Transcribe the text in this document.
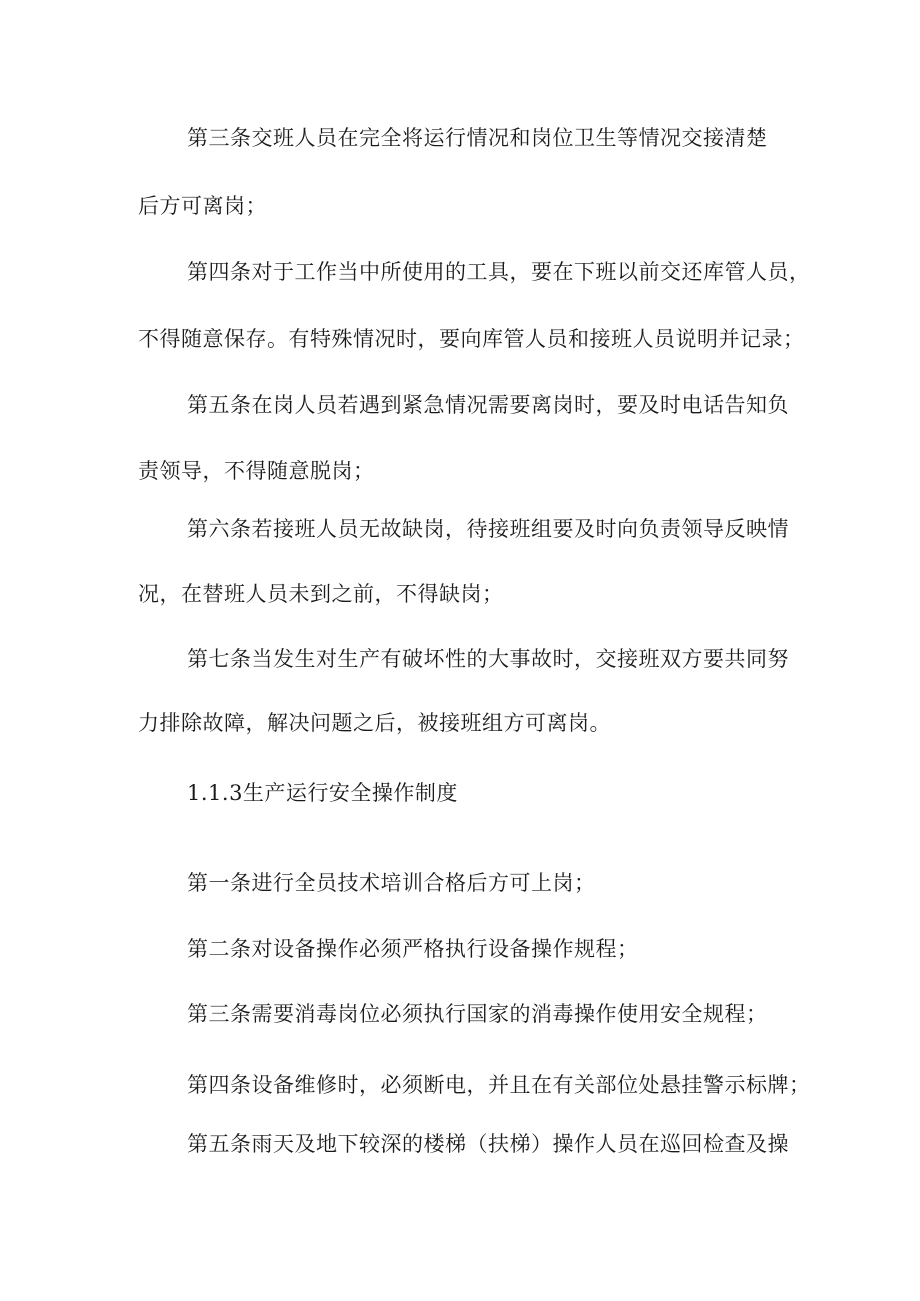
第三条交班人员在完全将运行情况和岗位卫生等情况交接清楚
后方可离岗；
第四条对于工作当中所使用的工具，要在下班以前交还库管人员，
不得随意保存。有特殊情况时，要向库管人员和接班人员说明并记录；
第五条在岗人员若遇到紧急情况需要离岗时，要及时电话告知负
责领导，不得随意脱岗；
第六条若接班人员无故缺岗，待接班组要及时向负责领导反映情
况，在替班人员未到之前，不得缺岗；
第七条当发生对生产有破坏性的大事故时，交接班双方要共同努
力排除故障，解决问题之后，被接班组方可离岗。
1.1.3生产运行安全操作制度
第一条进行全员技术培训合格后方可上岗；
第二条对设备操作必须严格执行设备操作规程；
第三条需要消毒岗位必须执行国家的消毒操作使用安全规程；
第四条设备维修时，必须断电，并且在有关部位处悬挂警示标牌；
第五条雨天及地下较深的楼梯（扶梯）操作人员在巡回检查及操
